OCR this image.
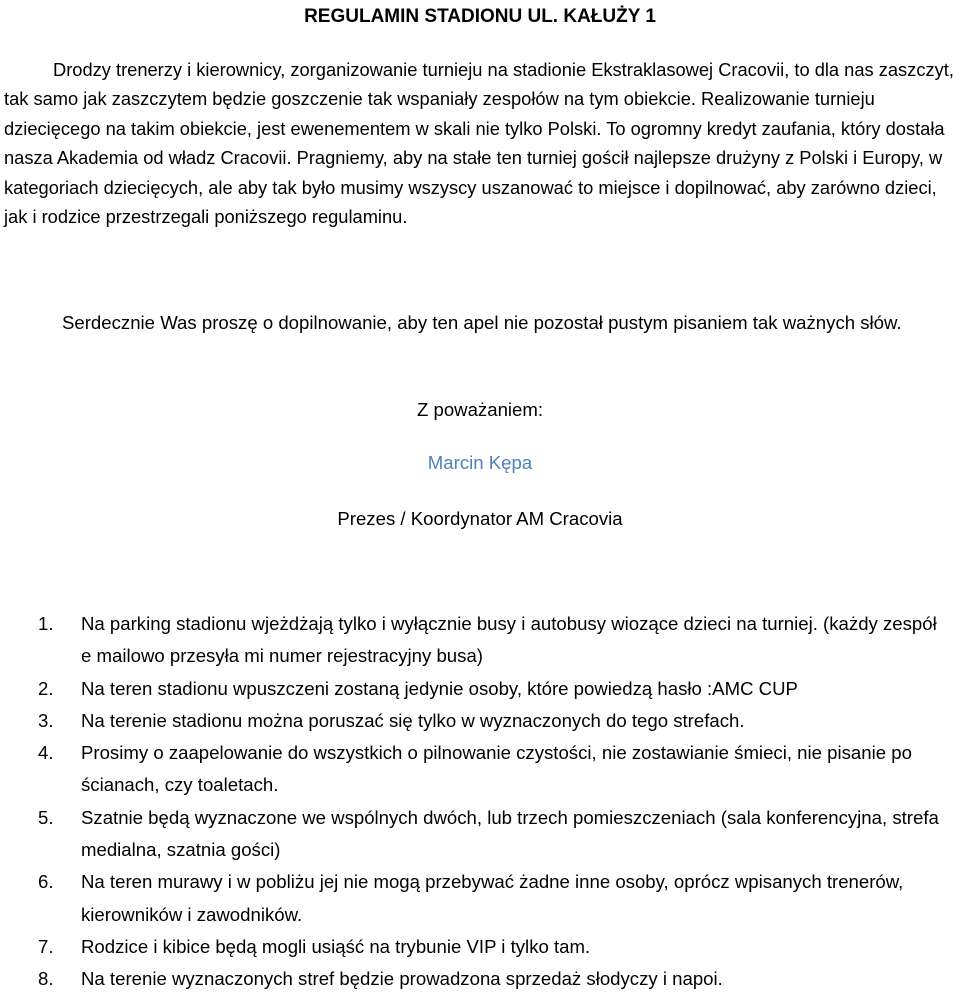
REGULAMIN STADIONU UL. KAŁUŻY 1

Drodzy trenerzy i kierownicy, zorganizowanie turnieju na stadionie Ekstraklasowej Cracovii, to dla nas zaszczyt, tak samo jak zaszczytem będzie goszczenie tak wspaniały zespołów na tym obiekcie. Realizowanie turnieju dziecięcego na takim obiekcie, jest ewenementem w skali nie tylko Polski. To ogromny kredyt zaufania, który dostała nasza Akademia od władz Cracovii. Pragniemy, aby na stałe ten turniej gościł najlepsze drużyny z Polski i Europy, w kategoriach dziecięcych, ale aby tak było musimy wszyscy uszanować to miejsce i dopilnować, aby zarówno dzieci, jak i rodzice przestrzegali poniższego regulaminu.

Serdecznie Was proszę o dopilnowanie, aby ten apel nie pozostał pustym pisaniem tak ważnych słów.

Z poważaniem:
Marcin Kępa
Prezes / Koordynator AM Cracovia
1. Na parking stadionu wjeżdżają tylko i wyłącznie busy i autobusy wiozące dzieci na turniej. (każdy zespół e mailowo przesyła mi numer rejestracyjny busa)
2. Na teren stadionu wpuszczeni zostaną jedynie osoby, które powiedzą hasło :AMC CUP
3. Na terenie stadionu można poruszać się tylko w wyznaczonych do tego strefach.
4. Prosimy o zaapelowanie do wszystkich o pilnowanie czystości, nie zostawianie śmieci, nie pisanie po ścianach, czy toaletach.
5. Szatnie będą wyznaczone we wspólnych dwóch, lub trzech pomieszczeniach (sala konferencyjna, strefa medialna, szatnia gości)
6. Na teren murawy i w pobliżu jej nie mogą przebywać żadne inne osoby, oprócz wpisanych trenerów, kierowników i zawodników.
7. Rodzice i kibice będą mogli usiąść na trybunie VIP i tylko tam.
8. Na terenie wyznaczonych stref będzie prowadzona sprzedaż słodyczy i napoi.
